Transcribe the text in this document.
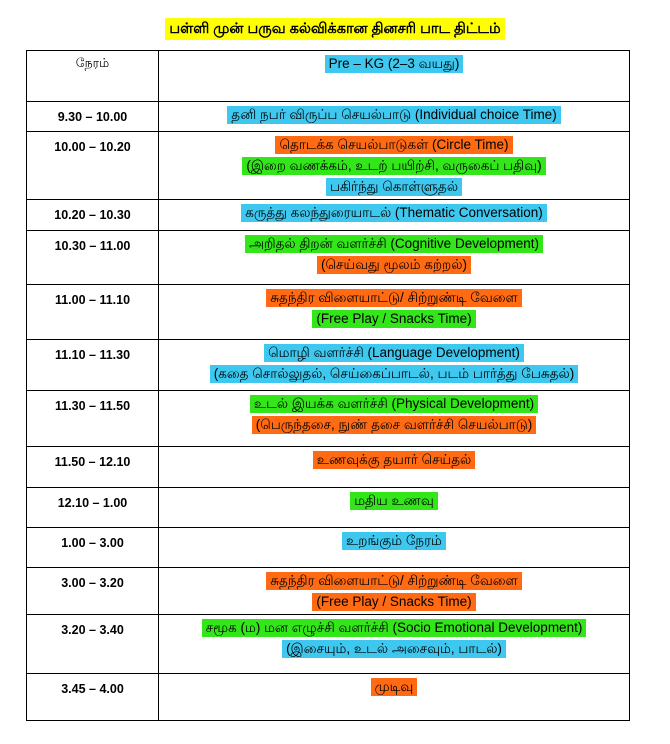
பள்ளி முன் பருவ கல்விக்கான தினசரி பாட திட்டம்
நேரம்	Pre – KG (2–3 வயது)

9.30 – 10.00	தனி நபர் விருப்ப செயல்பாடு (Individual choice Time)

10.00 – 10.20	தொடக்க செயல்பாடுகள் (Circle Time)
(இறை வணக்கம், உடற் பயிற்சி, வருகைப் பதிவு)
பகிர்ந்து கொள்ளுதல்

10.20 – 10.30	கருத்து கலந்துரையாடல் (Thematic Conversation)

10.30 – 11.00	அறிதல் திறன் வளர்ச்சி (Cognitive Development)
(செய்வது மூலம் கற்றல்)

11.00 – 11.10	சுதந்திர விளையாட்டு/ சிற்றுண்டி வேளை
(Free Play / Snacks Time)

11.10 – 11.30	மொழி வளர்ச்சி (Language Development)
(கதை சொல்லுதல், செய்கைப்பாடல், படம் பார்த்து பேசுதல்)

11.30 – 11.50	உடல் இயக்க வளர்ச்சி (Physical Development)
(பெருந்தசை, நுண் தசை வளர்ச்சி செயல்பாடு)

11.50 – 12.10	உணவுக்கு தயார் செய்தல்

12.10 – 1.00	மதிய உணவு

1.00 – 3.00	உறங்கும் நேரம்

3.00 – 3.20	சுதந்திர விளையாட்டு/ சிற்றுண்டி வேளை
(Free Play / Snacks Time)

3.20 – 3.40	சமூக (ம) மன எழுச்சி வளர்ச்சி (Socio Emotional Development)
(இசையும், உடல் அசைவும், பாடல்)

3.45 – 4.00	முடிவு
